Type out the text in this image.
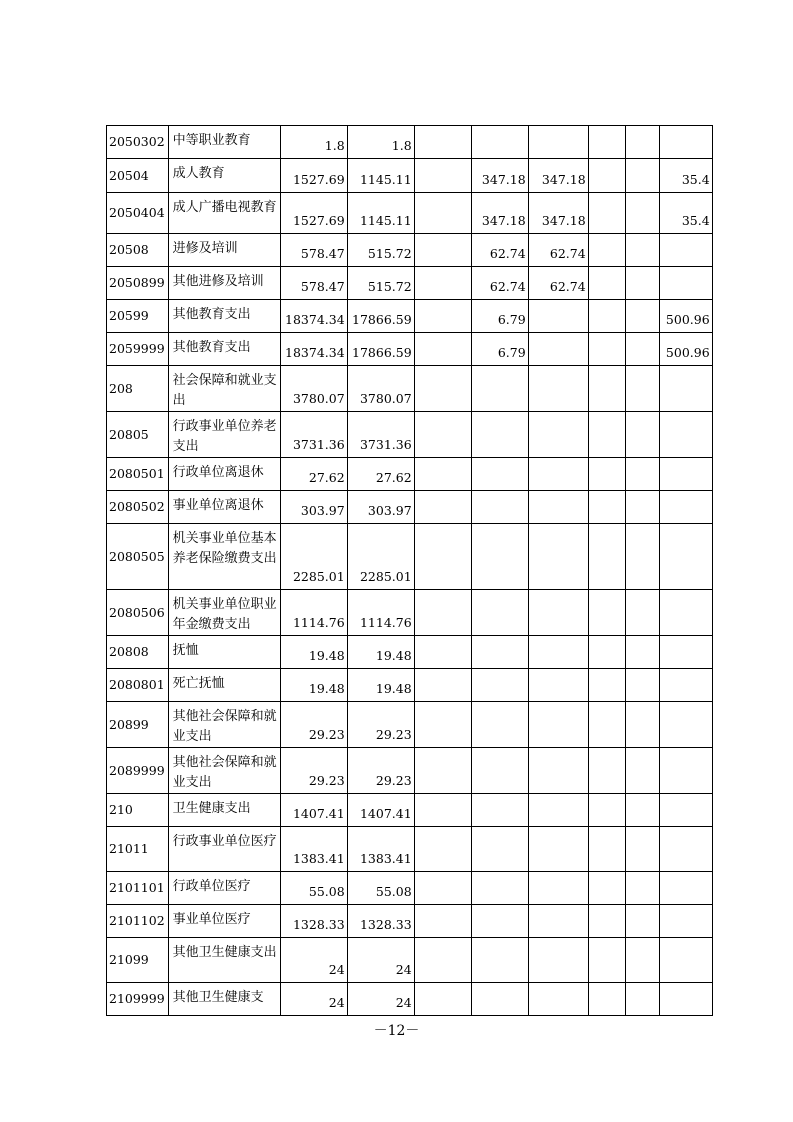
2050302	中等职业教育	1.8	1.8						
20504	成人教育	1527.69	1145.11		347.18	347.18			35.4
2050404	成人广播电视教育	1527.69	1145.11		347.18	347.18			35.4
20508	进修及培训	578.47	515.72		62.74	62.74			
2050899	其他进修及培训	578.47	515.72		62.74	62.74			
20599	其他教育支出	18374.34	17866.59		6.79				500.96
2059999	其他教育支出	18374.34	17866.59		6.79				500.96
208	社会保障和就业支出	3780.07	3780.07						
20805	行政事业单位养老支出	3731.36	3731.36						
2080501	行政单位离退休	27.62	27.62						
2080502	事业单位离退休	303.97	303.97						
2080505	机关事业单位基本养老保险缴费支出	2285.01	2285.01						
2080506	机关事业单位职业年金缴费支出	1114.76	1114.76						
20808	抚恤	19.48	19.48						
2080801	死亡抚恤	19.48	19.48						
20899	其他社会保障和就业支出	29.23	29.23						
2089999	其他社会保障和就业支出	29.23	29.23						
210	卫生健康支出	1407.41	1407.41						
21011	行政事业单位医疗	1383.41	1383.41						
2101101	行政单位医疗	55.08	55.08						
2101102	事业单位医疗	1328.33	1328.33						
21099	其他卫生健康支出	24	24						
2109999	其他卫生健康支	24	24						
－12－
